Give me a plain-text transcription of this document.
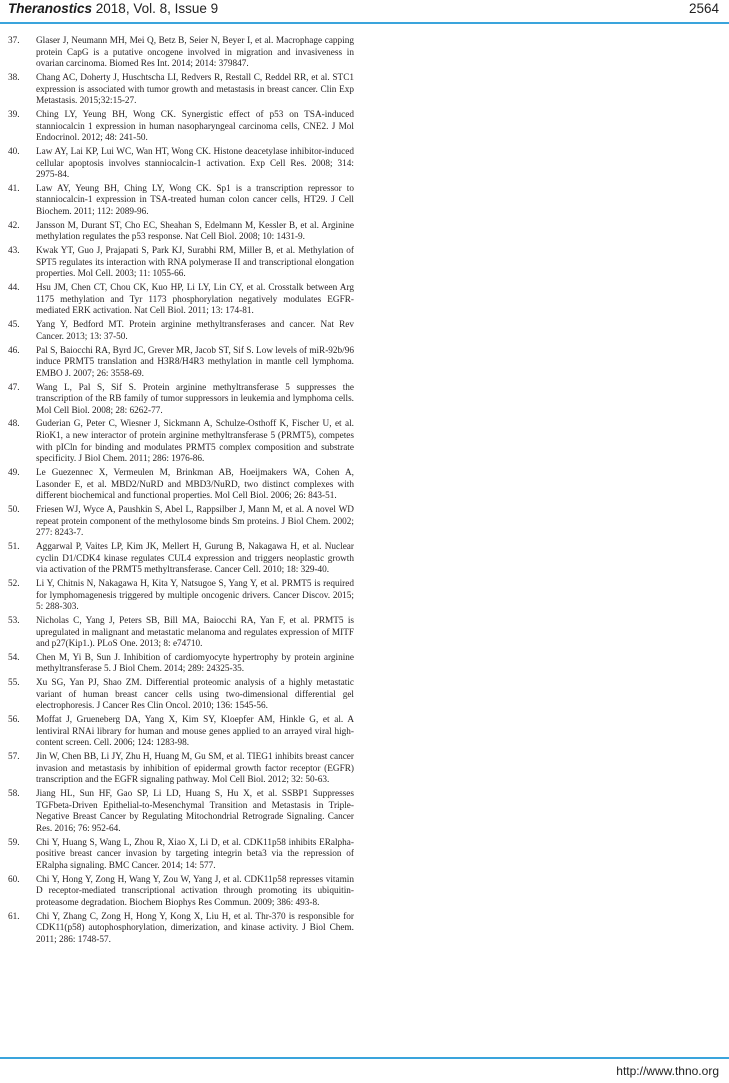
Theranostics 2018, Vol. 8, Issue 9	2564
37.	Glaser J, Neumann MH, Mei Q, Betz B, Seier N, Beyer I, et al. Macrophage capping protein CapG is a putative oncogene involved in migration and invasiveness in ovarian carcinoma. Biomed Res Int. 2014; 2014: 379847.
38.	Chang AC, Doherty J, Huschtscha LI, Redvers R, Restall C, Reddel RR, et al. STC1 expression is associated with tumor growth and metastasis in breast cancer. Clin Exp Metastasis. 2015;32:15-27.
39.	Ching LY, Yeung BH, Wong CK. Synergistic effect of p53 on TSA-induced stanniocalcin 1 expression in human nasopharyngeal carcinoma cells, CNE2. J Mol Endocrinol. 2012; 48: 241-50.
40.	Law AY, Lai KP, Lui WC, Wan HT, Wong CK. Histone deacetylase inhibitor-induced cellular apoptosis involves stanniocalcin-1 activation. Exp Cell Res. 2008; 314: 2975-84.
41.	Law AY, Yeung BH, Ching LY, Wong CK. Sp1 is a transcription repressor to stanniocalcin-1 expression in TSA-treated human colon cancer cells, HT29. J Cell Biochem. 2011; 112: 2089-96.
42.	Jansson M, Durant ST, Cho EC, Sheahan S, Edelmann M, Kessler B, et al. Arginine methylation regulates the p53 response. Nat Cell Biol. 2008; 10: 1431-9.
43.	Kwak YT, Guo J, Prajapati S, Park KJ, Surabhi RM, Miller B, et al. Methylation of SPT5 regulates its interaction with RNA polymerase II and transcriptional elongation properties. Mol Cell. 2003; 11: 1055-66.
44.	Hsu JM, Chen CT, Chou CK, Kuo HP, Li LY, Lin CY, et al. Crosstalk between Arg 1175 methylation and Tyr 1173 phosphorylation negatively modulates EGFR-mediated ERK activation. Nat Cell Biol. 2011; 13: 174-81.
45.	Yang Y, Bedford MT. Protein arginine methyltransferases and cancer. Nat Rev Cancer. 2013; 13: 37-50.
46.	Pal S, Baiocchi RA, Byrd JC, Grever MR, Jacob ST, Sif S. Low levels of miR-92b/96 induce PRMT5 translation and H3R8/H4R3 methylation in mantle cell lymphoma. EMBO J. 2007; 26: 3558-69.
47.	Wang L, Pal S, Sif S. Protein arginine methyltransferase 5 suppresses the transcription of the RB family of tumor suppressors in leukemia and lymphoma cells. Mol Cell Biol. 2008; 28: 6262-77.
48.	Guderian G, Peter C, Wiesner J, Sickmann A, Schulze-Osthoff K, Fischer U, et al. RioK1, a new interactor of protein arginine methyltransferase 5 (PRMT5), competes with pICln for binding and modulates PRMT5 complex composition and substrate specificity. J Biol Chem. 2011; 286: 1976-86.
49.	Le Guezennec X, Vermeulen M, Brinkman AB, Hoeijmakers WA, Cohen A, Lasonder E, et al. MBD2/NuRD and MBD3/NuRD, two distinct complexes with different biochemical and functional properties. Mol Cell Biol. 2006; 26: 843-51.
50.	Friesen WJ, Wyce A, Paushkin S, Abel L, Rappsilber J, Mann M, et al. A novel WD repeat protein component of the methylosome binds Sm proteins. J Biol Chem. 2002; 277: 8243-7.
51.	Aggarwal P, Vaites LP, Kim JK, Mellert H, Gurung B, Nakagawa H, et al. Nuclear cyclin D1/CDK4 kinase regulates CUL4 expression and triggers neoplastic growth via activation of the PRMT5 methyltransferase. Cancer Cell. 2010; 18: 329-40.
52.	Li Y, Chitnis N, Nakagawa H, Kita Y, Natsugoe S, Yang Y, et al. PRMT5 is required for lymphomagenesis triggered by multiple oncogenic drivers. Cancer Discov. 2015; 5: 288-303.
53.	Nicholas C, Yang J, Peters SB, Bill MA, Baiocchi RA, Yan F, et al. PRMT5 is upregulated in malignant and metastatic melanoma and regulates expression of MITF and p27(Kip1.). PLoS One. 2013; 8: e74710.
54.	Chen M, Yi B, Sun J. Inhibition of cardiomyocyte hypertrophy by protein arginine methyltransferase 5. J Biol Chem. 2014; 289: 24325-35.
55.	Xu SG, Yan PJ, Shao ZM. Differential proteomic analysis of a highly metastatic variant of human breast cancer cells using two-dimensional differential gel electrophoresis. J Cancer Res Clin Oncol. 2010; 136: 1545-56.
56.	Moffat J, Grueneberg DA, Yang X, Kim SY, Kloepfer AM, Hinkle G, et al. A lentiviral RNAi library for human and mouse genes applied to an arrayed viral high-content screen. Cell. 2006; 124: 1283-98.
57.	Jin W, Chen BB, Li JY, Zhu H, Huang M, Gu SM, et al. TIEG1 inhibits breast cancer invasion and metastasis by inhibition of epidermal growth factor receptor (EGFR) transcription and the EGFR signaling pathway. Mol Cell Biol. 2012; 32: 50-63.
58.	Jiang HL, Sun HF, Gao SP, Li LD, Huang S, Hu X, et al. SSBP1 Suppresses TGFbeta-Driven Epithelial-to-Mesenchymal Transition and Metastasis in Triple-Negative Breast Cancer by Regulating Mitochondrial Retrograde Signaling. Cancer Res. 2016; 76: 952-64.
59.	Chi Y, Huang S, Wang L, Zhou R, Xiao X, Li D, et al. CDK11p58 inhibits ERalpha-positive breast cancer invasion by targeting integrin beta3 via the repression of ERalpha signaling. BMC Cancer. 2014; 14: 577.
60.	Chi Y, Hong Y, Zong H, Wang Y, Zou W, Yang J, et al. CDK11p58 represses vitamin D receptor-mediated transcriptional activation through promoting its ubiquitin-proteasome degradation. Biochem Biophys Res Commun. 2009; 386: 493-8.
61.	Chi Y, Zhang C, Zong H, Hong Y, Kong X, Liu H, et al. Thr-370 is responsible for CDK11(p58) autophosphorylation, dimerization, and kinase activity. J Biol Chem. 2011; 286: 1748-57.
http://www.thno.org
